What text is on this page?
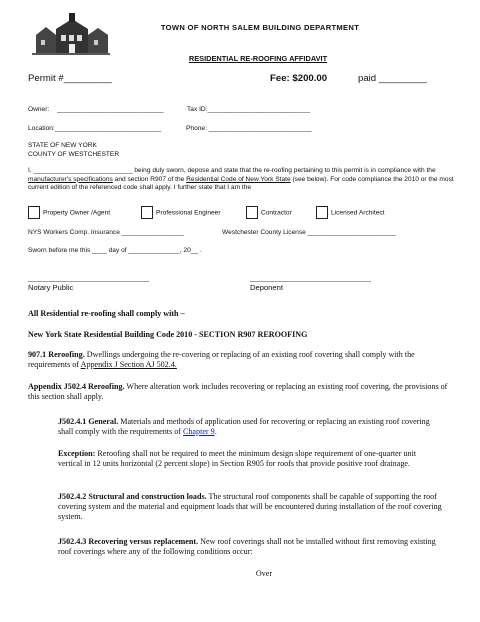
TOWN OF NORTH SALEM BUILDING DEPARTMENT
RESIDENTIAL RE-ROOFING AFFIDAVIT
Permit #_________	Fee: $200.00	paid _________
Owner: _____________________________	Tax ID:____________________________
Location:_____________________________	Phone: ____________________________
STATE OF NEW YORK
COUNTY OF WESTCHESTER
I, ___________________________ being duly sworn, depose and state that the re-roofing pertaining to this permit is in compliance with the manufacturer's specifications and section R907 of the Residential Code of New York State (see below). For code compliance the 2010 or the most current edition of the referenced code shall apply. I further state that I am the
Property Owner /Agent	Professional Engineer	Contractor	Licensed Architect
NYS Workers Comp. Insurance _________________	Westchester County License ________________________
Sworn before me this ____ day of ______________, 20__ .
_________________________________
Notary Public
_________________________________
Deponent
All Residential re-roofing shall comply with –
New York State Residential Building Code 2010 - SECTION R907 REROOFING
907.1 Reroofing. Dwellings undergoing the re-covering or replacing of an existing roof covering shall comply with the requirements of Appendix J Section AJ 502.4.
Appendix J502.4 Reroofing. Where alteration work includes recovering or replacing an existing roof covering, the provisions of this section shall apply.
J502.4.1 General. Materials and methods of application used for recovering or replacing an existing roof covering shall comply with the requirements of Chapter 9.
Exception: Reroofing shall not be required to meet the minimum design slope requirement of one-quarter unit vertical in 12 units horizontal (2 percent slope) in Section R905 for roofs that provide positive roof drainage.
J502.4.2 Structural and construction loads. The structural roof components shall be capable of supporting the roof covering system and the material and equipment loads that will be encountered during installation of the roof covering system.
J502.4.3 Recovering versus replacement. New roof coverings shall not be installed without first removing existing roof coverings where any of the following conditions occur:
Over
